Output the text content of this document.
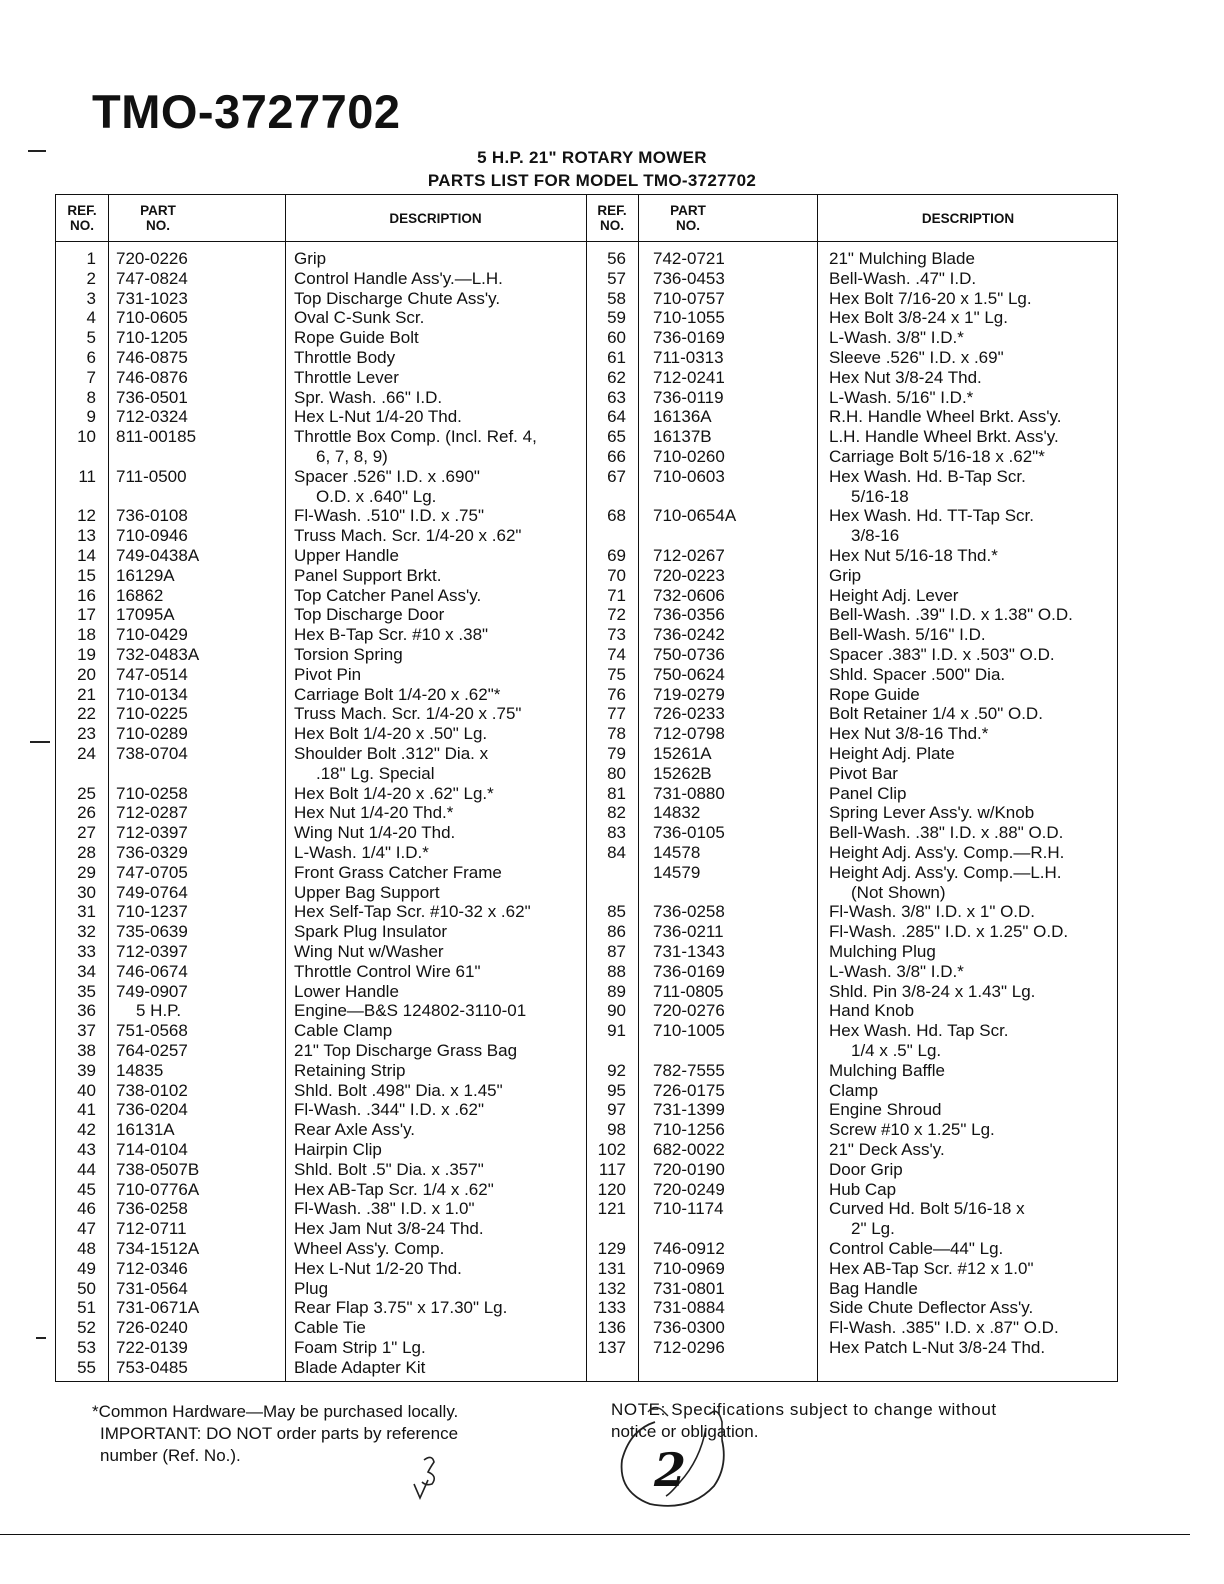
TMO-3727702
5 H.P. 21" ROTARY MOWER
PARTS LIST FOR MODEL TMO-3727702
REF.
NO.
PART
NO.	DESCRIPTION
REF.
NO.
PART
NO.	DESCRIPTION
1 720-0226	Grip
2 747-0824	Control Handle Ass'y.—L.H.
3 731-1023	Top Discharge Chute Ass'y.
4 710-0605	Oval C-Sunk Scr.
5 710-1205	Rope Guide Bolt
6 746-0875	Throttle Body
7 746-0876	Throttle Lever
8 736-0501	Spr. Wash. .66" I.D.
9 712-0324	Hex L-Nut 1/4-20 Thd.
10 811-00185	Throttle Box Comp. (Incl. Ref. 4,
6, 7, 8, 9)
11 711-0500	Spacer .526" I.D. x .690"
O.D. x .640" Lg.
12 736-0108	Fl-Wash. .510" I.D. x .75"
13 710-0946	Truss Mach. Scr. 1/4-20 x .62"
14 749-0438A	Upper Handle
15 16129A	Panel Support Brkt.
16 16862	Top Catcher Panel Ass'y.
17 17095A	Top Discharge Door
18 710-0429	Hex B-Tap Scr. #10 x .38"
19 732-0483A	Torsion Spring
20 747-0514	Pivot Pin
21 710-0134	Carriage Bolt 1/4-20 x .62"*
22 710-0225	Truss Mach. Scr. 1/4-20 x .75"
23 710-0289	Hex Bolt 1/4-20 x .50" Lg.
24 738-0704	Shoulder Bolt .312" Dia. x
.18" Lg. Special
25 710-0258	Hex Bolt 1/4-20 x .62" Lg.*
26 712-0287	Hex Nut 1/4-20 Thd.*
27 712-0397	Wing Nut 1/4-20 Thd.
28 736-0329	L-Wash. 1/4" I.D.*
29 747-0705	Front Grass Catcher Frame
30 749-0764	Upper Bag Support
31 710-1237	Hex Self-Tap Scr. #10-32 x .62"
32 735-0639	Spark Plug Insulator
33 712-0397	Wing Nut w/Washer
34 746-0674	Throttle Control Wire 61"
35 749-0907	Lower Handle
36 5 H.P.	Engine—B&S 124802-3110-01
37 751-0568	Cable Clamp
38 764-0257	21" Top Discharge Grass Bag
39 14835	Retaining Strip
40 738-0102	Shld. Bolt .498" Dia. x 1.45"
41 736-0204	Fl-Wash. .344" I.D. x .62"
42 16131A	Rear Axle Ass'y.
43 714-0104	Hairpin Clip
44 738-0507B	Shld. Bolt .5" Dia. x .357"
45 710-0776A	Hex AB-Tap Scr. 1/4 x .62"
46 736-0258	Fl-Wash. .38" I.D. x 1.0"
47 712-0711	Hex Jam Nut 3/8-24 Thd.
48 734-1512A	Wheel Ass'y. Comp.
49 712-0346	Hex L-Nut 1/2-20 Thd.
50 731-0564	Plug
51 731-0671A	Rear Flap 3.75" x 17.30" Lg.
52 726-0240	Cable Tie
53 722-0139	Foam Strip 1" Lg.
55 753-0485	Blade Adapter Kit
56 742-0721	21" Mulching Blade
57 736-0453	Bell-Wash. .47" I.D.
58 710-0757	Hex Bolt 7/16-20 x 1.5" Lg.
59 710-1055	Hex Bolt 3/8-24 x 1" Lg.
60 736-0169	L-Wash. 3/8" I.D.*
61 711-0313	Sleeve .526" I.D. x .69"
62 712-0241	Hex Nut 3/8-24 Thd.
63 736-0119	L-Wash. 5/16" I.D.*
64 16136A	R.H. Handle Wheel Brkt. Ass'y.
65 16137B	L.H. Handle Wheel Brkt. Ass'y.
66 710-0260	Carriage Bolt 5/16-18 x .62"*
67 710-0603	Hex Wash. Hd. B-Tap Scr.
5/16-18
68 710-0654A	Hex Wash. Hd. TT-Tap Scr.
3/8-16
69 712-0267	Hex Nut 5/16-18 Thd.*
70 720-0223	Grip
71 732-0606	Height Adj. Lever
72 736-0356	Bell-Wash. .39" I.D. x 1.38" O.D.
73 736-0242	Bell-Wash. 5/16" I.D.
74 750-0736	Spacer .383" I.D. x .503" O.D.
75 750-0624	Shld. Spacer .500" Dia.
76 719-0279	Rope Guide
77 726-0233	Bolt Retainer 1/4 x .50" O.D.
78 712-0798	Hex Nut 3/8-16 Thd.*
79 15261A	Height Adj. Plate
80 15262B	Pivot Bar
81 731-0880	Panel Clip
82 14832	Spring Lever Ass'y. w/Knob
83 736-0105	Bell-Wash. .38" I.D. x .88" O.D.
84 14578	Height Adj. Ass'y. Comp.—R.H.
14579	Height Adj. Ass'y. Comp.—L.H.
(Not Shown)
85 736-0258	Fl-Wash. 3/8" I.D. x 1" O.D.
86 736-0211	Fl-Wash. .285" I.D. x 1.25" O.D.
87 731-1343	Mulching Plug
88 736-0169	L-Wash. 3/8" I.D.*
89 711-0805	Shld. Pin 3/8-24 x 1.43" Lg.
90 720-0276	Hand Knob
91 710-1005	Hex Wash. Hd. Tap Scr.
1/4 x .5" Lg.
92 782-7555	Mulching Baffle
95 726-0175	Clamp
97 731-1399	Engine Shroud
98 710-1256	Screw #10 x 1.25" Lg.
102 682-0022	21" Deck Ass'y.
117 720-0190	Door Grip
120 720-0249	Hub Cap
121 710-1174	Curved Hd. Bolt 5/16-18 x
2" Lg.
129 746-0912	Control Cable—44" Lg.
131 710-0969	Hex AB-Tap Scr. #12 x 1.0"
132 731-0801	Bag Handle
133 731-0884	Side Chute Deflector Ass'y.
136 736-0300	Fl-Wash. .385" I.D. x .87" O.D.
137 712-0296	Hex Patch L-Nut 3/8-24 Thd.
*Common Hardware—May be purchased locally.
IMPORTANT: DO NOT order parts by reference
number (Ref. No.).
NOTE: Specifications subject to change without
notice or obligation.
2
